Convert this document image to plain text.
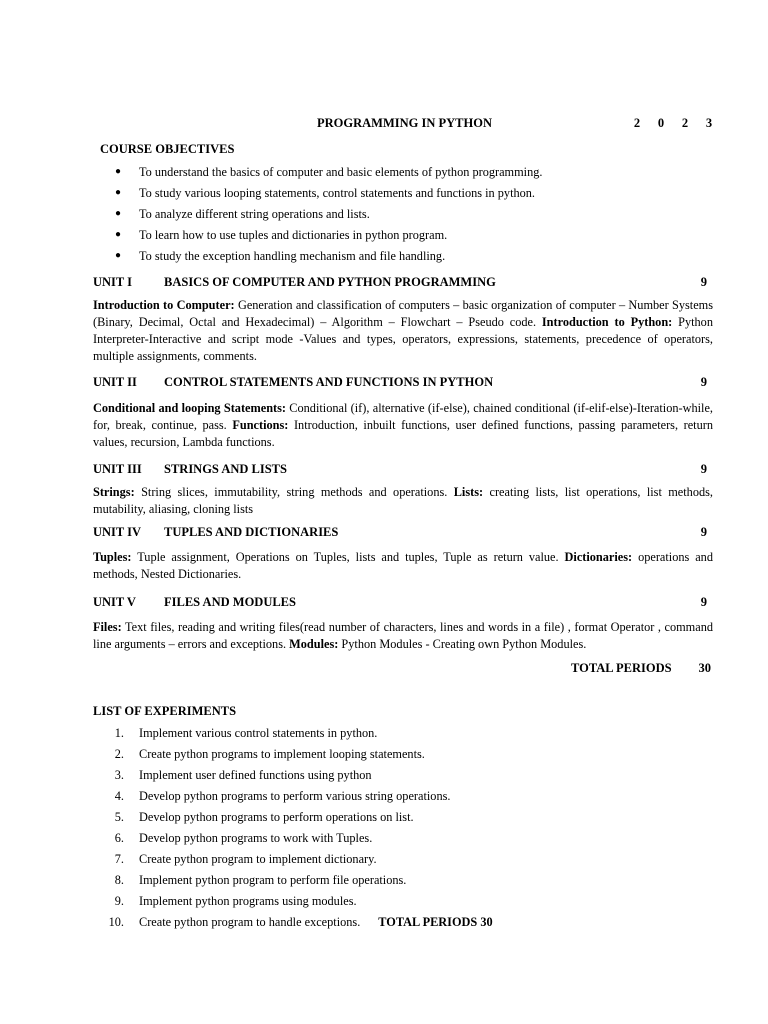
PROGRAMMING IN PYTHON	2	0	2	3
COURSE OBJECTIVES
● To understand the basics of computer and basic elements of python programming.
● To study various looping statements, control statements and functions in python.
● To analyze different string operations and lists.
● To learn how to use tuples and dictionaries in python program.
● To study the exception handling mechanism and file handling.
UNIT I	BASICS OF COMPUTER AND PYTHON PROGRAMMING	9

Introduction to Computer: Generation and classification of computers – basic organization of computer – Number Systems (Binary, Decimal, Octal and Hexadecimal) – Algorithm – Flowchart – Pseudo code. Introduction to Python: Python Interpreter-Interactive and script mode -Values and types, operators, expressions, statements, precedence of operators, multiple assignments, comments.

UNIT II CONTROL STATEMENTS AND FUNCTIONS IN PYTHON	9

Conditional and looping Statements: Conditional (if), alternative (if-else), chained conditional (if-elif-else)-Iteration-while, for, break, continue, pass. Functions: Introduction, inbuilt functions, user defined functions, passing parameters, return values, recursion, Lambda functions.

UNIT III STRINGS AND LISTS	9

Strings: String slices, immutability, string methods and operations. Lists: creating lists, list operations, list methods, mutability, aliasing, cloning lists

UNIT IV TUPLES AND DICTIONARIES	9

Tuples: Tuple assignment, Operations on Tuples, lists and tuples, Tuple as return value. Dictionaries: operations and methods, Nested Dictionaries.

UNIT V FILES AND MODULES	9

Files: Text files, reading and writing files(read number of characters, lines and words in a file) , format Operator , command line arguments – errors and exceptions. Modules: Python Modules - Creating own Python Modules.

TOTAL PERIODS 30
LIST OF EXPERIMENTS
1. Implement various control statements in python.
2. Create python programs to implement looping statements.
3. Implement user defined functions using python
4. Develop python programs to perform various string operations.
5. Develop python programs to perform operations on list.
6. Develop python programs to work with Tuples.
7. Create python program to implement dictionary.
8. Implement python program to perform file operations.
9. Implement python programs using modules.
10. Create python program to handle exceptions. TOTAL PERIODS 30
